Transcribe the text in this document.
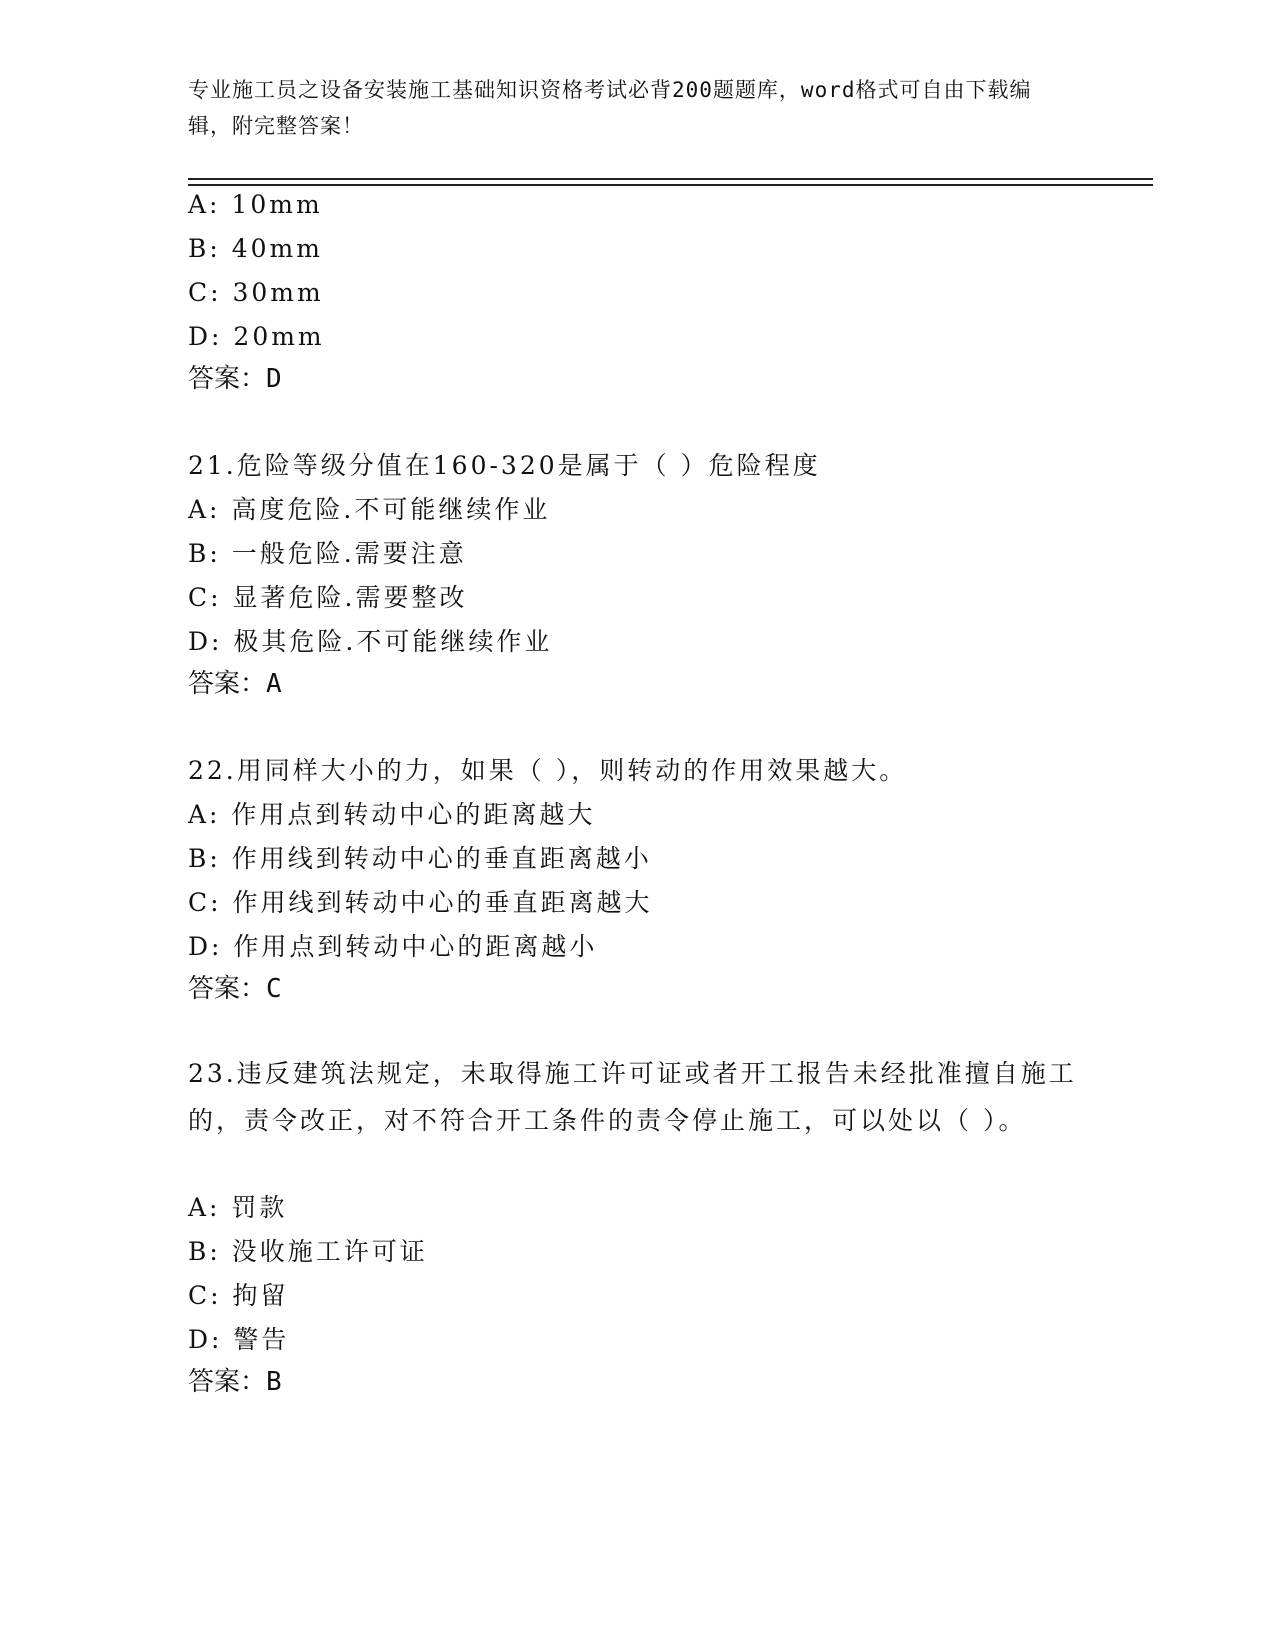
专业施工员之设备安装施工基础知识资格考试必背200题题库，word格式可自由下载编辑，附完整答案！

A: 10mm
B: 40mm
C: 30mm
D: 20mm
答案：D
21.危险等级分值在160-320是属于（ ）危险程度
A: 高度危险.不可能继续作业
B: 一般危险.需要注意
C: 显著危险.需要整改
D: 极其危险.不可能继续作业
答案：A
22.用同样大小的力，如果（ ），则转动的作用效果越大。
A: 作用点到转动中心的距离越大
B: 作用线到转动中心的垂直距离越小
C: 作用线到转动中心的垂直距离越大
D: 作用点到转动中心的距离越小
答案：C

23.违反建筑法规定，未取得施工许可证或者开工报告未经批准擅自施工的，责令改正，对不符合开工条件的责令停止施工，可以处以（ ）。

A: 罚款
B: 没收施工许可证
C: 拘留
D: 警告
答案：B
